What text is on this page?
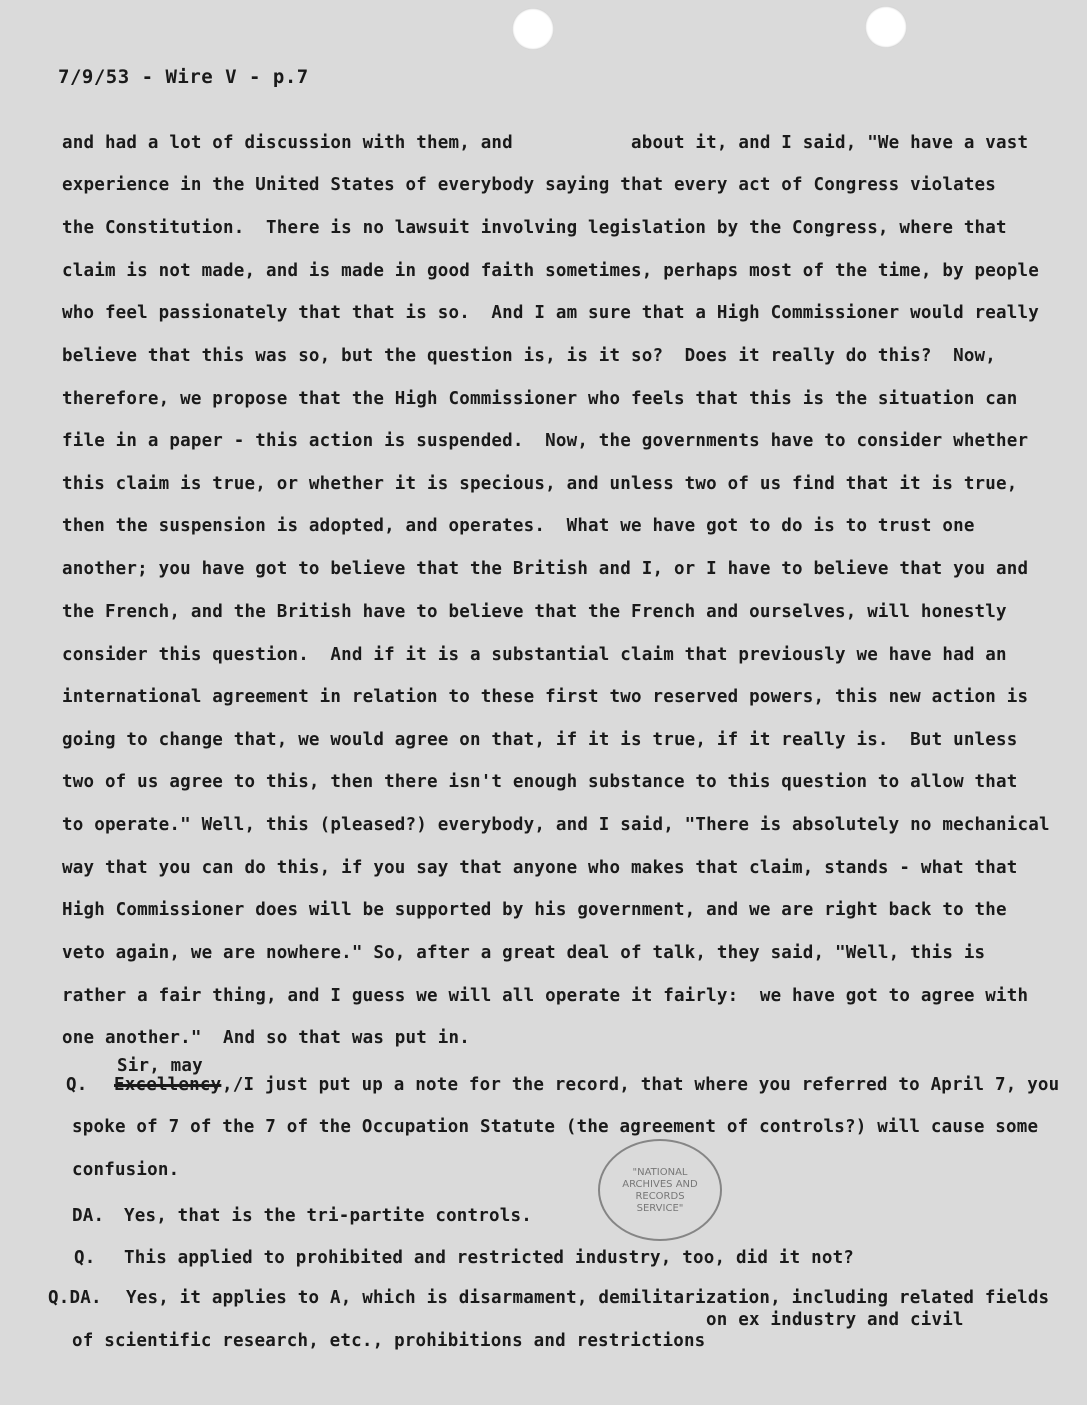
7/9/53 - Wire V - p.7
and had a lot of discussion with them, and           about it, and I said, "We have a vast
experience in the United States of everybody saying that every act of Congress violates
the Constitution.  There is no lawsuit involving legislation by the Congress, where that
claim is not made, and is made in good faith sometimes, perhaps most of the time, by people
who feel passionately that that is so.  And I am sure that a High Commissioner would really
believe that this was so, but the question is, is it so?  Does it really do this?  Now,
therefore, we propose that the High Commissioner who feels that this is the situation can
file in a paper - this action is suspended.  Now, the governments have to consider whether
this claim is true, or whether it is specious, and unless two of us find that it is true,
then the suspension is adopted, and operates.  What we have got to do is to trust one
another; you have got to believe that the British and I, or I have to believe that you and
the French, and the British have to believe that the French and ourselves, will honestly
consider this question.  And if it is a substantial claim that previously we have had an
international agreement in relation to these first two reserved powers, this new action is
going to change that, we would agree on that, if it is true, if it really is.  But unless
two of us agree to this, then there isn't enough substance to this question to allow that
to operate." Well, this (pleased?) everybody, and I said, "There is absolutely no mechanical
way that you can do this, if you say that anyone who makes that claim, stands - what that
High Commissioner does will be supported by his government, and we are right back to the
veto again, we are nowhere." So, after a great deal of talk, they said, "Well, this is
rather a fair thing, and I guess we will all operate it fairly:  we have got to agree with
one another."  And so that was put in.
Sir, may
Q. Excellency ,/I just put up a note for the record, that where you referred to April 7, you
spoke of 7 of the 7 of the Occupation Statute (the agreement of controls?) will cause some
confusion.
DA. Yes, that is the tri-partite controls.
Q. This applied to prohibited and restricted industry, too, did it not?
Q.DA. Yes, it applies to A, which is disarmament, demilitarization, including related fields
on ex industry and civil
of scientific research, etc., prohibitions and restrictions
"NATIONAL
ARCHIVES AND
RECORDS
SERVICE"
